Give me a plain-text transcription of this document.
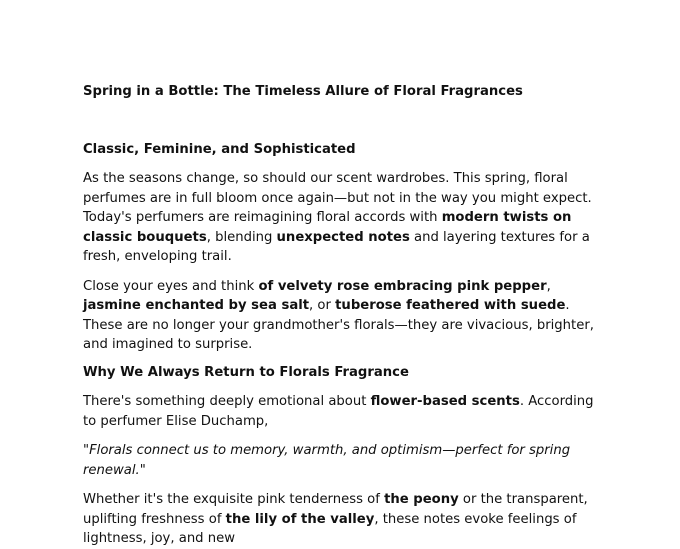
Spring in a Bottle: The Timeless Allure of Floral Fragrances

Classic, Feminine, and Sophisticated

As the seasons change, so should our scent wardrobes. This spring, floral perfumes are in full bloom once again—but not in the way you might expect. Today's perfumers are reimagining floral accords with modern twists on classic bouquets, blending unexpected notes and layering textures for a fresh, enveloping trail.

Close your eyes and think of velvety rose embracing pink pepper, jasmine enchanted by sea salt, or tuberose feathered with suede. These are no longer your grandmother's florals—they are vivacious, brighter, and imagined to surprise.

Why We Always Return to Florals Fragrance

There's something deeply emotional about flower-based scents. According to perfumer Elise Duchamp,

"Florals connect us to memory, warmth, and optimism—perfect for spring renewal."

Whether it's the exquisite pink tenderness of the peony or the transparent, uplifting freshness of the lily of the valley, these notes evoke feelings of lightness, joy, and new
